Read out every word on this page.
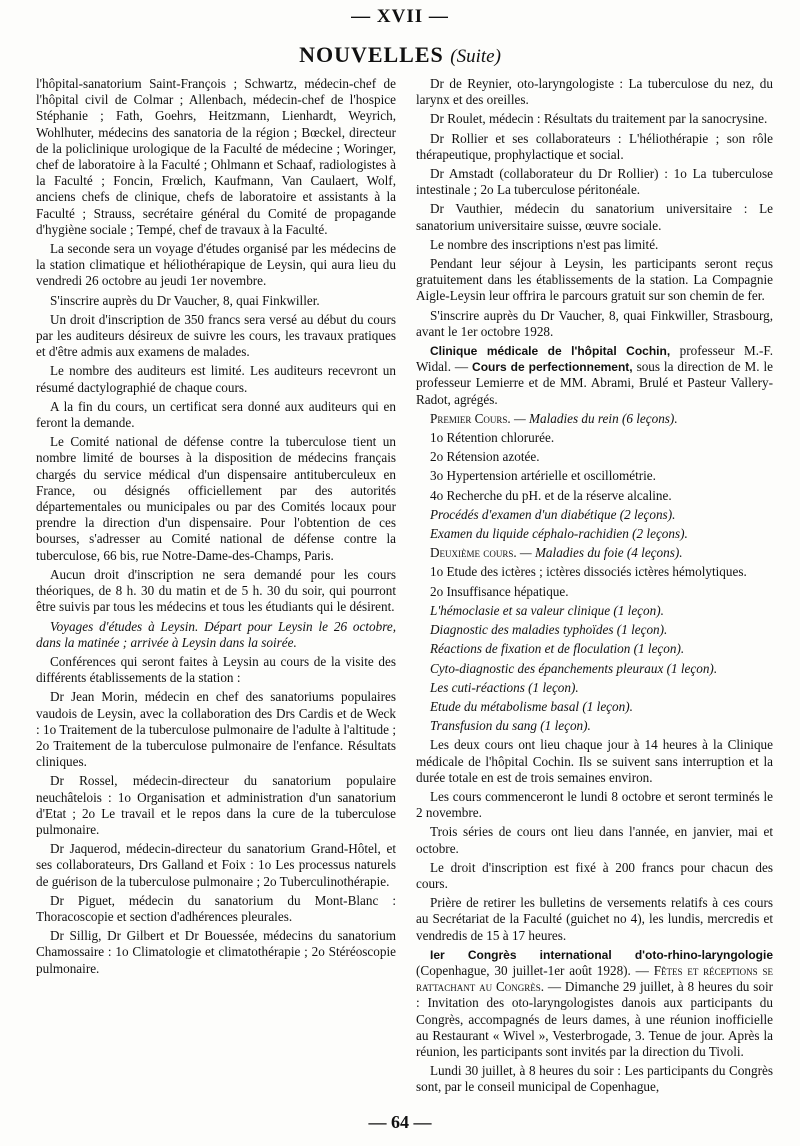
— XVII —
NOUVELLES (Suite)

l'hôpital-sanatorium Saint-François ; Schwartz, médecin-chef de l'hôpital civil de Colmar ; Allenbach, médecin-chef de l'hospice Stéphanie ; Fath, Goehrs, Heitzmann, Lienhardt, Weyrich, Wohlhuter, médecins des sanatoria de la région ; Bœckel, directeur de la policlinique urologique de la Faculté de médecine ; Woringer, chef de laboratoire à la Faculté ; Ohlmann et Schaaf, radiologistes à la Faculté ; Foncin, Frœlich, Kaufmann, Van Caulaert, Wolf, anciens chefs de clinique, chefs de laboratoire et assistants à la Faculté ; Strauss, secrétaire général du Comité de propagande d'hygiène sociale ; Tempé, chef de travaux à la Faculté.

La seconde sera un voyage d'études organisé par les médecins de la station climatique et héliothérapique de Leysin, qui aura lieu du vendredi 26 octobre au jeudi 1er novembre.

S'inscrire auprès du Dr Vaucher, 8, quai Finkwiller.

Un droit d'inscription de 350 francs sera versé au début du cours par les auditeurs désireux de suivre les cours, les travaux pratiques et d'être admis aux examens de malades.

Le nombre des auditeurs est limité. Les auditeurs recevront un résumé dactylographié de chaque cours.

A la fin du cours, un certificat sera donné aux auditeurs qui en feront la demande.

Le Comité national de défense contre la tuberculose tient un nombre limité de bourses à la disposition de médecins français chargés du service médical d'un dispensaire antituberculeux en France, ou désignés officiellement par des autorités départementales ou municipales ou par des Comités locaux pour prendre la direction d'un dispensaire. Pour l'obtention de ces bourses, s'adresser au Comité national de défense contre la tuberculose, 66 bis, rue Notre-Dame-des-Champs, Paris.

Aucun droit d'inscription ne sera demandé pour les cours théoriques, de 8 h. 30 du matin et de 5 h. 30 du soir, qui pourront être suivis par tous les médecins et tous les étudiants qui le désirent.

Voyages d'études à Leysin. Départ pour Leysin le 26 octobre, dans la matinée ; arrivée à Leysin dans la soirée.

Conférences qui seront faites à Leysin au cours de la visite des différents établissements de la station :

Dr Jean Morin, médecin en chef des sanatoriums populaires vaudois de Leysin, avec la collaboration des Drs Cardis et de Weck : 1o Traitement de la tuberculose pulmonaire de l'adulte à l'altitude ; 2o Traitement de la tuberculose pulmonaire de l'enfance. Résultats cliniques.

Dr Rossel, médecin-directeur du sanatorium populaire neuchâtelois : 1o Organisation et administration d'un sanatorium d'Etat ; 2o Le travail et le repos dans la cure de la tuberculose pulmonaire.

Dr Jaquerod, médecin-directeur du sanatorium Grand-Hôtel, et ses collaborateurs, Drs Galland et Foix : 1o Les processus naturels de guérison de la tuberculose pulmonaire ; 2o Tuberculinothérapie.

Dr Piguet, médecin du sanatorium du Mont-Blanc : Thoracoscopie et section d'adhérences pleurales.

Dr Sillig, Dr Gilbert et Dr Bouessée, médecins du sanatorium Chamossaire : 1o Climatologie et climatothérapie ; 2o Stéréoscopie pulmonaire.

Dr de Reynier, oto-laryngologiste : La tuberculose du nez, du larynx et des oreilles.

Dr Roulet, médecin : Résultats du traitement par la sanocrysine.

Dr Rollier et ses collaborateurs : L'héliothérapie ; son rôle thérapeutique, prophylactique et social.

Dr Amstadt (collaborateur du Dr Rollier) : 1o La tuberculose intestinale ; 2o La tuberculose péritonéale.

Dr Vauthier, médecin du sanatorium universitaire : Le sanatorium universitaire suisse, œuvre sociale.

Le nombre des inscriptions n'est pas limité.

Pendant leur séjour à Leysin, les participants seront reçus gratuitement dans les établissements de la station. La Compagnie Aigle-Leysin leur offrira le parcours gratuit sur son chemin de fer.

S'inscrire auprès du Dr Vaucher, 8, quai Finkwiller, Strasbourg, avant le 1er octobre 1928.

Clinique médicale de l'hôpital Cochin, professeur M.-F. Widal. — Cours de perfectionnement, sous la direction de M. le professeur Lemierre et de MM. Abrami, Brulé et Pasteur Vallery-Radot, agrégés.

Premier Cours. — Maladies du rein (6 leçons).

1o Rétention chlorurée.

2o Rétension azotée.

3o Hypertension artérielle et oscillométrie.

4o Recherche du pH. et de la réserve alcaline.

Procédés d'examen d'un diabétique (2 leçons).

Examen du liquide céphalo-rachidien (2 leçons).

Deuxième cours. — Maladies du foie (4 leçons).

1o Etude des ictères ; ictères dissociés ictères hémolytiques.

2o Insuffisance hépatique.

L'hémoclasie et sa valeur clinique (1 leçon).

Diagnostic des maladies typhoïdes (1 leçon).

Réactions de fixation et de floculation (1 leçon).

Cyto-diagnostic des épanchements pleuraux (1 leçon).

Les cuti-réactions (1 leçon).

Etude du métabolisme basal (1 leçon).

Transfusion du sang (1 leçon).

Les deux cours ont lieu chaque jour à 14 heures à la Clinique médicale de l'hôpital Cochin. Ils se suivent sans interruption et la durée totale en est de trois semaines environ.

Les cours commenceront le lundi 8 octobre et seront terminés le 2 novembre.

Trois séries de cours ont lieu dans l'année, en janvier, mai et octobre.

Le droit d'inscription est fixé à 200 francs pour chacun des cours.

Prière de retirer les bulletins de versements relatifs à ces cours au Secrétariat de la Faculté (guichet no 4), les lundis, mercredis et vendredis de 15 à 17 heures.

Ier Congrès international d'oto-rhino-laryngologie (Copenhague, 30 juillet-1er août 1928). — Fêtes et réceptions se rattachant au Congrès. — Dimanche 29 juillet, à 8 heures du soir : Invitation des oto-laryngologistes danois aux participants du Congrès, accompagnés de leurs dames, à une réunion inofficielle au Restaurant « Wivel », Vesterbrogade, 3. Tenue de jour. Après la réunion, les participants sont invités par la direction du Tivoli.

Lundi 30 juillet, à 8 heures du soir : Les participants du Congrès sont, par le conseil municipal de Copenhague,

— 64 —
